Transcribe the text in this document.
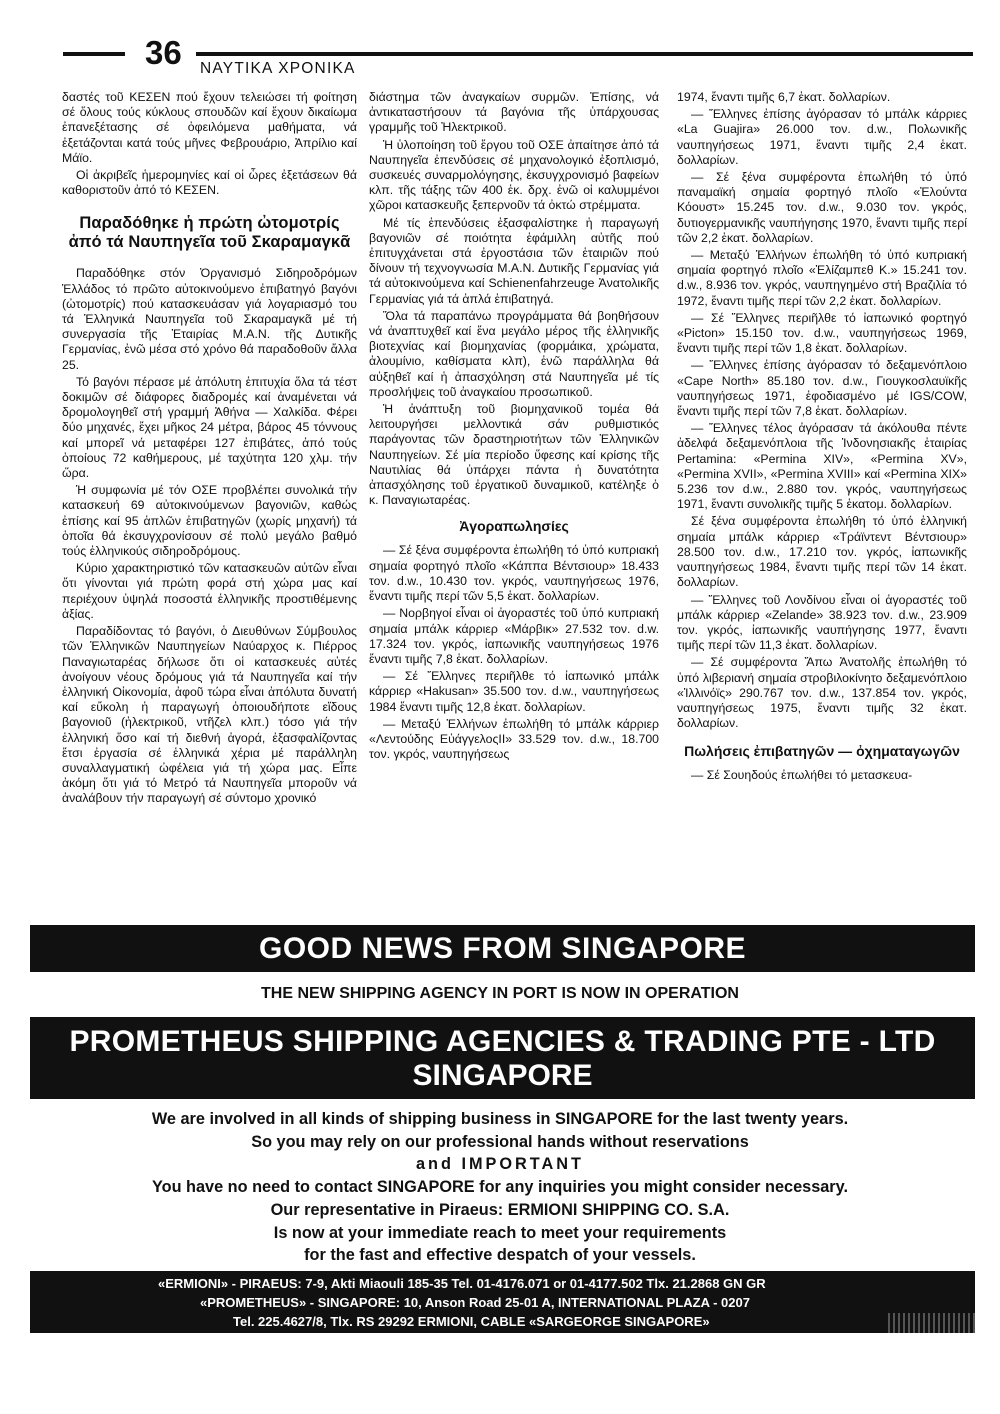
36 ΝΑΥΤΙΚΑ ΧΡΟΝΙΚΑ

δαστές τοῦ ΚΕΣΕΝ πού ἔχουν τελειώσει τή φοίτηση σέ ὅλους τούς κύκλους σπουδῶν καί ἔχουν δικαίωμα ἐπανεξέτασης σέ ὀφειλόμενα μαθήματα, νά ἐξετάζονται κατά τούς μῆνες Φεβρουάριο, Ἀπρίλιο καί Μάϊο.

Οἱ ἀκριβεῖς ἡμερομηνίες καί οἱ ὧρες ἐξετάσεων θά καθοριστοῦν ἀπό τό ΚΕΣΕΝ.

Παραδόθηκε ἡ πρώτη ὠτομοτρίς ἀπό τά Ναυπηγεῖα τοῦ Σκαραμαγκᾶ

Παραδόθηκε στόν Ὀργανισμό Σιδηροδρόμων Ἑλλάδος τό πρῶτο αὐτοκινούμενο ἐπιβατηγό βαγόνι (ὠτομοτρίς) πού κατασκευάσαν γιά λογαριασμό του τά Ἑλληνικά Ναυπηγεῖα τοῦ Σκαραμαγκᾶ μέ τή συνεργασία τῆς Ἑταιρίας Μ.Α.Ν. τῆς Δυτικῆς Γερμανίας, ἐνῶ μέσα στό χρόνο θά παραδοθοῦν ἄλλα 25.

Τό βαγόνι πέρασε μέ ἀπόλυτη ἐπιτυχία ὅλα τά τέστ δοκιμῶν σέ διάφορες διαδρομές καί ἀναμένεται νά δρομολογηθεῖ στή γραμμή Ἀθήνα — Χαλκίδα. Φέρει δύο μηχανές, ἔχει μῆκος 24 μέτρα, βάρος 45 τόννους καί μπορεῖ νά μεταφέρει 127 ἐπιβάτες, ἀπό τούς ὁποίους 72 καθήμερους, μέ ταχύτητα 120 χλμ. τήν ὥρα.

Ἡ συμφωνία μέ τόν ΟΣΕ προβλέπει συνολικά τήν κατασκευή 69 αὐτοκινούμενων βαγονιῶν, καθώς ἐπίσης καί 95 ἁπλῶν ἐπιβατηγῶν (χωρίς μηχανή) τά ὁποῖα θά ἐκσυγχρονίσουν σέ πολύ μεγάλο βαθμό τούς ἑλληνικούς σιδηροδρόμους.

Κύριο χαρακτηριστικό τῶν κατασκευῶν αὐτῶν εἶναι ὅτι γίνονται γιά πρώτη φορά στή χώρα μας καί περιέχουν ὑψηλά ποσοστά ἑλληνικῆς προστιθέμενης ἀξίας.

Παραδίδοντας τό βαγόνι, ὁ Διευθύνων Σύμβουλος τῶν Ἑλληνικῶν Ναυπηγείων Ναύαρχος κ. Πιέρρος Παναγιωταρέας δήλωσε ὅτι οἱ κατασκευές αὐτές ἀνοίγουν νέους δρόμους γιά τά Ναυπηγεῖα καί τήν ἑλληνική Οἰκονομία, ἀφοῦ τώρα εἶναι ἀπόλυτα δυνατή καί εὔκολη ἡ παραγωγή ὁποιουδήποτε εἴδους βαγονιοῦ (ἠλεκτρικοῦ, ντῆζελ κλπ.) τόσο γιά τήν ἑλληνική ὅσο καί τή διεθνή ἀγορά, ἐξασφαλίζοντας ἔτσι ἐργασία σέ ἑλληνικά χέρια μέ παράλληλη συναλλαγματική ὠφέλεια γιά τή χώρα μας. Εἶπε ἀκόμη ὅτι γιά τό Μετρό τά Ναυπηγεῖα μποροῦν νά ἀναλάβουν τήν παραγωγή σέ σύντομο χρονικό

διάστημα τῶν ἀναγκαίων συρμῶν. Ἐπίσης, νά ἀντικαταστήσουν τά βαγόνια τῆς ὑπάρχουσας γραμμῆς τοῦ Ἠλεκτρικοῦ.

Ἡ ὑλοποίηση τοῦ ἔργου τοῦ ΟΣΕ ἀπαίτησε ἀπό τά Ναυπηγεῖα ἐπενδύσεις σέ μηχανολογικό ἐξοπλισμό, συσκευές συναρμολόγησης, ἐκσυγχρονισμό βαφείων κλπ. τῆς τάξης τῶν 400 ἑκ. δρχ. ἐνῶ οἱ καλυμμένοι χῶροι κατασκευῆς ξεπερνοῦν τά ὀκτώ στρέμματα.

Μέ τίς ἐπενδύσεις ἐξασφαλίστηκε ἡ παραγωγή βαγονιῶν σέ ποιότητα ἐφάμιλλη αὐτῆς πού ἐπιτυγχάνεται στά ἐργοστάσια τῶν ἑταιριῶν πού δίνουν τή τεχνογνωσία Μ.Α.Ν. Δυτικῆς Γερμανίας γιά τά αὐτοκινούμενα καί Schienenfahrzeuge Ἀνατολικῆς Γερμανίας γιά τά ἁπλά ἐπιβατηγά.

Ὅλα τά παραπάνω προγράμματα θά βοηθήσουν νά ἀναπτυχθεῖ καί ἕνα μεγάλο μέρος τῆς ἑλληνικῆς βιοτεχνίας καί βιομηχανίας (φορμάικα, χρώματα, ἀλουμίνιο, καθίσματα κλπ), ἐνῶ παράλληλα θά αὐξηθεῖ καί ἡ ἀπασχόληση στά Ναυπηγεῖα μέ τίς προσλήψεις τοῦ ἀναγκαίου προσωπικοῦ.

Ἡ ἀνάπτυξη τοῦ βιομηχανικοῦ τομέα θά λειτουργήσει μελλοντικά σάν ρυθμιστικός παράγοντας τῶν δραστηριοτήτων τῶν Ἑλληνικῶν Ναυπηγείων. Σέ μία περίοδο ὕφεσης καί κρίσης τῆς Ναυτιλίας θά ὑπάρχει πάντα ἡ δυνατότητα ἀπασχόλησης τοῦ ἐργατικοῦ δυναμικοῦ, κατέληξε ὁ κ. Παναγιωταρέας.

Ἀγοραπωλησίες

— Σέ ξένα συμφέροντα ἐπωλήθη τό ὑπό κυπριακή σημαία φορτηγό πλοῖο «Κάππα Βέντσιουρ» 18.433 τον. d.w., 10.430 τον. γκρός, ναυπηγήσεως 1976, ἔναντι τιμῆς περί τῶν 5,5 ἑκατ. δολλαρίων.

— Νορβηγοί εἶναι οἱ ἀγοραστές τοῦ ὑπό κυπριακή σημαία μπάλκ κάρριερ «Μάρβικ» 27.532 τον. d.w. 17.324 τον. γκρός, ἰαπωνικῆς ναυπηγήσεως 1976 ἔναντι τιμῆς 7,8 ἑκατ. δολλαρίων.

— Σέ Ἕλληνες περιῆλθε τό ἰαπωνικό μπάλκ κάρριερ «Hakusan» 35.500 τον. d.w., ναυπηγήσεως 1984 ἔναντι τιμῆς 12,8 ἑκατ. δολλαρίων.

— Μεταξύ Ἑλλήνων ἐπωλήθη τό μπάλκ κάρριερ «Λεντούδης ΕὐάγγελοςΙΙ» 33.529 τον. d.w., 18.700 τον. γκρός, ναυπηγήσεως

1974, ἔναντι τιμῆς 6,7 ἑκατ. δολλαρίων.

— Ἕλληνες ἐπίσης ἀγόρασαν τό μπάλκ κάρριες «La Guajira» 26.000 τον. d.w., Πολωνικῆς ναυπηγήσεως 1971, ἔναντι τιμῆς 2,4 ἑκατ. δολλαρίων.

— Σέ ξένα συμφέροντα ἐπωλήθη τό ὑπό παναμαϊκή σημαία φορτηγό πλοῖο «Ἐλούντα Κόουστ» 15.245 τον. d.w., 9.030 τον. γκρός, δυτιογερμανικῆς ναυπήγησης 1970, ἔναντι τιμῆς περί τῶν 2,2 ἑκατ. δολλαρίων.

— Μεταξύ Ἑλλήνων ἐπωλήθη τό ὑπό κυπριακή σημαία φορτηγό πλοῖο «Ἐλίζαμπεθ Κ.» 15.241 τον. d.w., 8.936 τον. γκρός, ναυπηγημένο στή Βραζιλία τό 1972, ἔναντι τιμῆς περί τῶν 2,2 ἑκατ. δολλαρίων.

— Σέ Ἕλληνες περιῆλθε τό ἰαπωνικό φορτηγό «Picton» 15.150 τον. d.w., ναυπηγήσεως 1969, ἔναντι τιμῆς περί τῶν 1,8 ἑκατ. δολλαρίων.

— Ἕλληνες ἐπίσης ἀγόρασαν τό δεξαμενόπλοιο «Cape North» 85.180 τον. d.w., Γιουγκοσλαυϊκῆς ναυπηγήσεως 1971, ἐφοδιασμένο μέ IGS/COW, ἔναντι τιμῆς περί τῶν 7,8 ἑκατ. δολλαρίων.

— Ἕλληνες τέλος ἀγόρασαν τά ἀκόλουθα πέντε ἀδελφά δεξαμενόπλοια τῆς Ἰνδονησιακῆς ἑταιρίας Pertamina: «Permina XIV», «Permina XV», «Permina XVII», «Permina XVIII» καί «Permina XIX» 5.236 τον d.w., 2.880 τον. γκρός, ναυπηγήσεως 1971, ἔναντι συνολικῆς τιμῆς 5 ἑκατομ. δολλαρίων.

Σέ ξένα συμφέροντα ἐπωλήθη τό ὑπό ἑλληνική σημαία μπάλκ κάρριερ «Τράϊντεντ Βέντσιουρ» 28.500 τον. d.w., 17.210 τον. γκρός, ἰαπωνικῆς ναυπηγήσεως 1984, ἔναντι τιμῆς περί τῶν 14 ἑκατ. δολλαρίων.

— Ἕλληνες τοῦ Λονδίνου εἶναι οἱ ἀγοραστές τοῦ μπάλκ κάρριερ «Zelande» 38.923 τον. d.w., 23.909 τον. γκρός, ἰαπωνικῆς ναυπήγησης 1977, ἔναντι τιμῆς περί τῶν 11,3 ἑκατ. δολλαρίων.

— Σέ συμφέροντα Ἄπω Ἀνατολῆς ἐπωλήθη τό ὑπό λιβεριανή σημαία στροβιλοκίνητο δεξαμενόπλοιο «Ἰλλινόϊς» 290.767 τον. d.w., 137.854 τον. γκρός, ναυπηγήσεως 1975, ἔναντι τιμῆς 32 ἑκατ. δολλαρίων.

Πωλήσεις ἐπιβατηγῶν — ὀχηματαγωγῶν

— Σέ Σουηδούς ἐπωλήθει τό μετασκευα-

GOOD NEWS FROM SINGAPORE
THE NEW SHIPPING AGENCY IN PORT IS NOW IN OPERATION
PROMETHEUS SHIPPING AGENCIES & TRADING PTE - LTD
SINGAPORE
We are involved in all kinds of shipping business in SINGAPORE for the last twenty years.
So you may rely on our professional hands without reservations
and IMPORTANT
You have no need to contact SINGAPORE for any inquiries you might consider necessary.
Our representative in Piraeus: ERMIONI SHIPPING CO. S.A.
Is now at your immediate reach to meet your requirements
for the fast and effective despatch of your vessels.
«ERMIONI» - PIRAEUS: 7-9, Akti Miaouli 185-35 Tel. 01-4176.071 or 01-4177.502 Tlx. 21.2868 GN GR
«PROMETHEUS» - SINGAPORE: 10, Anson Road 25-01 A, INTERNATIONAL PLAZA - 0207
Tel. 225.4627/8, Tlx. RS 29292 ERMIONI, CABLE «SARGEORGE SINGAPORE»
